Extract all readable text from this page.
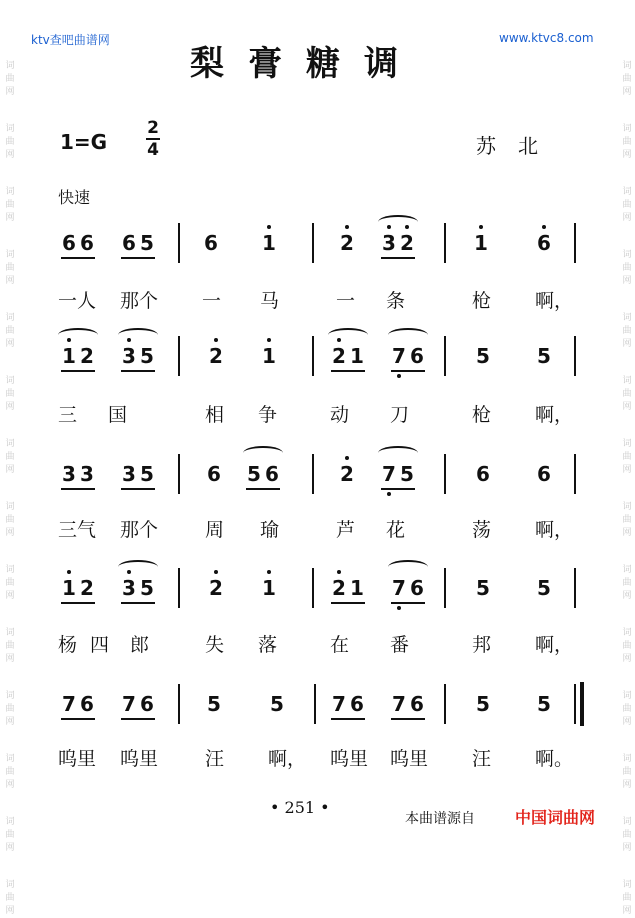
词
曲
网
词
曲
网
词
曲
网
词
曲
网
词
曲
网
词
曲
网
词
曲
网
词
曲
网
词
曲
网
词
曲
网
词
曲
网
词
曲
网
词
曲
网
词
曲
网
词
曲
网
词
曲
网
词
曲
网
词
曲
网
词
曲
网
词
曲
网
词
曲
网
词
曲
网
词
曲
网
词
曲
网
词
曲
网
词
曲
网
词
曲
网
词
曲
网
ktv查吧曲谱网	www.ktvc8.com
梨膏糖调
1=G
2
4	苏北
快速
6 6 6 5	6 1	2 3 2	1 6
一人 那个 一 马	一 条	枪 啊，
1 2 3 5	2 1	2 1 7 6	5 5
三 国	相 争	动 刀	枪 啊，
3 3 3 5	6 5 6	2 7 5	6 6
三气 那个 周 瑜	芦 花	荡 啊，
1 2 3 5	2 1	2 1 7 6	5 5
杨 四 郎	失 落	在 番	邦 啊，
7 6 7 6	5 5 7 6 7 6	5 5
呜里 呜里 汪 啊， 呜里 呜里 汪 啊。
• 251 •
本曲谱源自	中国词曲网
